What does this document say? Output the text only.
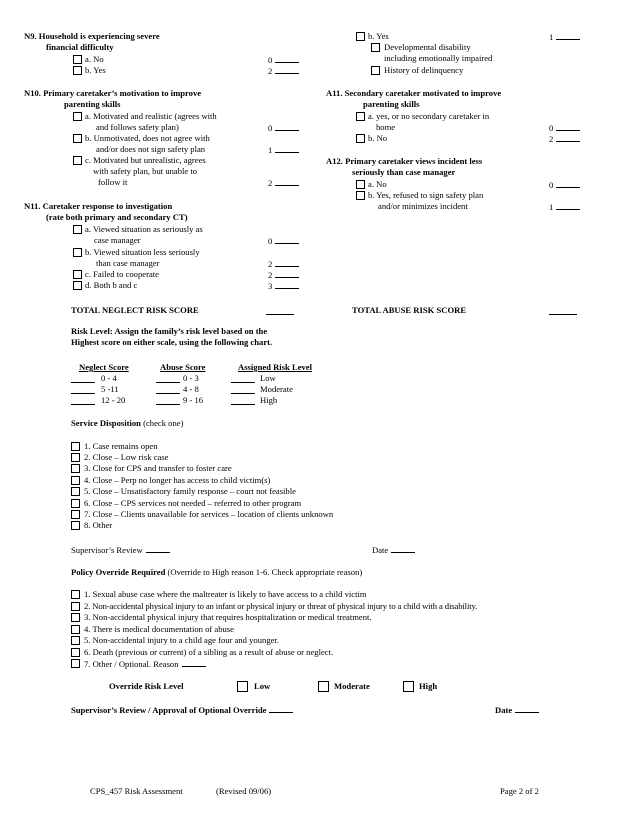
N9. Household is experiencing severe
financial difficulty
a. No	0
b. Yes	2
N10. Primary caretaker’s motivation to improve
parenting skills
a. Motivated and realistic (agrees with
and follows safety plan)	0
b. Unmotivated, does not agree with
and/or does not sign safety plan	1
c. Motivated but unrealistic, agrees
with safety plan, but unable to
follow it	2
N11. Caretaker response to investigation
(rate both primary and secondary CT)
a. Viewed situation as seriously as
case manager	0
b. Viewed situation less seriously
than case manager	2
c. Failed to cooperate	2
d. Both b and c	3
b. Yes	1
Developmental disability
including emotionally impaired
History of delinquency
A11. Secondary caretaker motivated to improve
parenting skills
a. yes, or no secondary caretaker in
home	0
b. No	2
A12. Primary caretaker views incident less
seriously than case manager
a. No	0
b. Yes, refused to sign safety plan
and/or minimizes incident	1
TOTAL NEGLECT RISK SCORE	TOTAL ABUSE RISK SCORE
Risk Level: Assign the family’s risk level based on the
Highest score on either scale, using the following chart.
Neglect Score	Abuse Score	Assigned Risk Level
0 - 4	0 - 3	Low
5 -11	4 - 8	Moderate
12 - 20	9 - 16	High
Service Disposition (check one)
1. Case remains open
2. Close – Low risk case
3. Close for CPS and transfer to foster care
4. Close – Perp no longer has access to child victim(s)
5. Close – Unsatisfactory family response – court not feasible
6. Close – CPS services not needed – referred to other program
7. Close – Clients unavailable for services – location of clients unknown
8. Other
Supervisor’s Review	Date
Policy Override Required (Override to High reason 1-6. Check appropriate reason)
1. Sexual abuse case where the maltreater is likely to have access to a child victim
2. Non-accidental physical injury to an infant or physical injury or threat of physical injury to a child with a disability.
3. Non-accidental physical injury that requires hospitalization or medical treatment.
4. There is medical documentation of abuse
5. Non-accidental injury to a child age four and younger.
6. Death (previous or current) of a sibling as a result of abuse or neglect.
7. Other / Optional. Reason
Override Risk Level	Low	Moderate	High
Supervisor’s Review / Approval of Optional Override	Date
CPS_457 Risk Assessment	(Revised 09/06)	Page 2 of 2
